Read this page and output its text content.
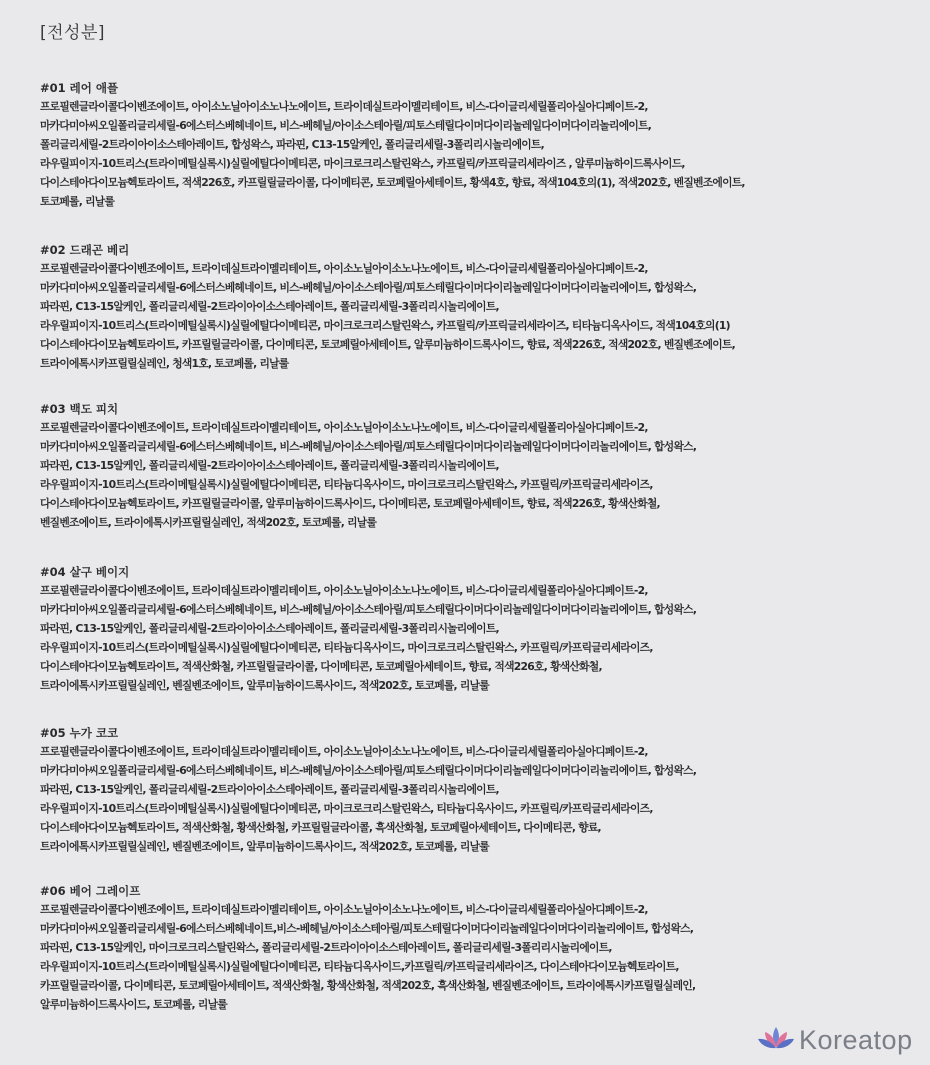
[전성분]
#01 레어 애플
프로필렌글라이콜다이벤조에이트, 아이소노닐아이소노나노에이트, 트라이데실트라이멜리테이트, 비스-다이글리세릴폴리아실아디페이트-2,
마카다미아씨오일폴리글리세릴-6에스터스베헤네이트, 비스-베헤닐/아이소스테아릴/피토스테릴다이머다이리놀레일다이머다이리놀리에이트,
폴리글리세릴-2트라이아이소스테아레이트, 합성왁스, 파라핀, C13-15알케인, 폴리글리세릴-3폴리리시놀리에이트,
라우릴피이지-10트리스(트라이메틸실록시)실릴에틸다이메티콘, 마이크로크리스탈린왁스, 카프릴릭/카프릭글리세라이즈 , 알루미늄하이드록사이드,
다이스테아다이모늄헥토라이트, 적색226호, 카프릴릴글라이콜, 다이메티콘, 토코페릴아세테이트, 황색4호, 향료, 적색104호의(1), 적색202호, 벤질벤조에이트,
토코페롤, 리날룰
#02 드래곤 베리
프로필렌글라이콜다이벤조에이트, 트라이데실트라이멜리테이트, 아이소노닐아이소노나노에이트, 비스-다이글리세릴폴리아실아디페이트-2,
마카다미아씨오일폴리글리세릴-6에스터스베헤네이트, 비스-베헤닐/아이소스테아릴/피토스테릴다이머다이리놀레일다이머다이리놀리에이트, 합성왁스,
파라핀, C13-15알케인, 폴리글리세릴-2트라이아이소스테아레이트, 폴리글리세릴-3폴리리시놀리에이트,
라우릴피이지-10트리스(트라이메틸실록시)실릴에틸다이메티콘, 마이크로크리스탈린왁스, 카프릴릭/카프릭글리세라이즈, 티타늄디옥사이드, 적색104호의(1)
다이스테아다이모늄헥토라이트, 카프릴릴글라이콜, 다이메티콘, 토코페릴아세테이트, 알루미늄하이드록사이드, 향료, 적색226호, 적색202호, 벤질벤조에이트,
트라이에톡시카프릴릴실레인, 청색1호, 토코페롤, 리날룰
#03 백도 피치
프로필렌글라이콜다이벤조에이트, 트라이데실트라이멜리테이트, 아이소노닐아이소노나노에이트, 비스-다이글리세릴폴리아실아디페이트-2,
마카다미아씨오일폴리글리세릴-6에스터스베헤네이트, 비스-베헤닐/아이소스테아릴/피토스테릴다이머다이리놀레일다이머다이리놀리에이트, 합성왁스,
파라핀, C13-15알케인, 폴리글리세릴-2트라이아이소스테아레이트, 폴리글리세릴-3폴리리시놀리에이트,
라우릴피이지-10트리스(트라이메틸실록시)실릴에틸다이메티콘, 티타늄디옥사이드, 마이크로크리스탈린왁스, 카프릴릭/카프릭글리세라이즈,
다이스테아다이모늄헥토라이트, 카프릴릴글라이콜, 알루미늄하이드록사이드, 다이메티콘, 토코페릴아세테이트, 향료, 적색226호, 황색산화철,
벤질벤조에이트, 트라이에톡시카프릴릴실레인, 적색202호, 토코페롤, 리날룰
#04 살구 베이지
프로필렌글라이콜다이벤조에이트, 트라이데실트라이멜리테이트, 아이소노닐아이소노나노에이트, 비스-다이글리세릴폴리아실아디페이트-2,
마카다미아씨오일폴리글리세릴-6에스터스베헤네이트, 비스-베헤닐/아이소스테아릴/피토스테릴다이머다이리놀레일다이머다이리놀리에이트, 합성왁스,
파라핀, C13-15알케인, 폴리글리세릴-2트라이아이소스테아레이트, 폴리글리세릴-3폴리리시놀리에이트,
라우릴피이지-10트리스(트라이메틸실록시)실릴에틸다이메티콘, 티타늄디옥사이드, 마이크로크리스탈린왁스, 카프릴릭/카프릭글리세라이즈,
다이스테아다이모늄헥토라이트, 적색산화철, 카프릴릴글라이콜, 다이메티콘, 토코페릴아세테이트, 향료, 적색226호, 황색산화철,
트라이에톡시카프릴릴실레인, 벤질벤조에이트, 알루미늄하이드록사이드, 적색202호, 토코페롤, 리날룰
#05 누가 코코
프로필렌글라이콜다이벤조에이트, 트라이데실트라이멜리테이트, 아이소노닐아이소노나노에이트, 비스-다이글리세릴폴리아실아디페이트-2,
마카다미아씨오일폴리글리세릴-6에스터스베헤네이트, 비스-베헤닐/아이소스테아릴/피토스테릴다이머다이리놀레일다이머다이리놀리에이트, 합성왁스,
파라핀, C13-15알케인, 폴리글리세릴-2트라이아이소스테아레이트, 폴리글리세릴-3폴리리시놀리에이트,
라우릴피이지-10트리스(트라이메틸실록시)실릴에틸다이메티콘, 마이크로크리스탈린왁스, 티타늄디옥사이드, 카프릴릭/카프릭글리세라이즈,
다이스테아다이모늄헥토라이트, 적색산화철, 황색산화철, 카프릴릴글라이콜, 흑색산화철, 토코페릴아세테이트, 다이메티콘, 향료,
트라이에톡시카프릴릴실레인, 벤질벤조에이트, 알루미늄하이드록사이드, 적색202호, 토코페롤, 리날룰
#06 베어 그레이프
프로필렌글라이콜다이벤조에이트, 트라이데실트라이멜리테이트, 아이소노닐아이소노나노에이트, 비스-다이글리세릴폴리아실아디페이트-2,
마카다미아씨오일폴리글리세릴-6에스터스베헤네이트,비스-베헤닐/아이소스테아릴/피토스테릴다이머다이리놀레일다이머다이리놀리에이트, 합성왁스,
파라핀, C13-15알케인, 마이크로크리스탈린왁스, 폴리글리세릴-2트라이아이소스테아레이트, 폴리글리세릴-3폴리리시놀리에이트,
라우릴피이지-10트리스(트라이메틸실록시)실릴에틸다이메티콘, 티타늄디옥사이드,카프릴릭/카프릭글리세라이즈, 다이스테아다이모늄헥토라이트,
카프릴릴글라이콜, 다이메티콘, 토코페릴아세테이트, 적색산화철, 황색산화철, 적색202호, 흑색산화철, 벤질벤조에이트, 트라이에톡시카프릴릴실레인,
알루미늄하이드록사이드, 토코페롤, 리날룰
Koreatop
